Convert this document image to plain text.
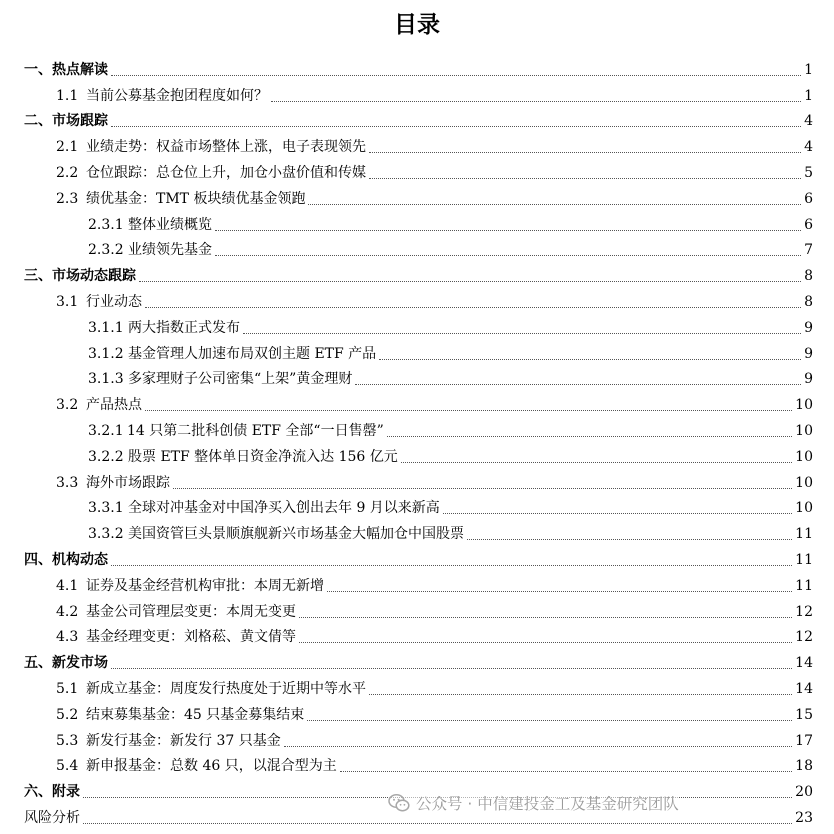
目录
一、 热点解读	1
1.1 当前公募基金抱团程度如何？	1
二、 市场跟踪	4
2.1 业绩走势：权益市场整体上涨，电子表现领先	4
2.2 仓位跟踪：总仓位上升，加仓小盘价值和传媒	5
2.3 绩优基金：TMT 板块绩优基金领跑	6
2.3.1 整体业绩概览	6
2.3.2 业绩领先基金	7
三、 市场动态跟踪	8
3.1 行业动态	8
3.1.1 两大指数正式发布	9
3.1.2 基金管理人加速布局双创主题 ETF 产品	9
3.1.3 多家理财子公司密集“上架”黄金理财	9
3.2 产品热点	10
3.2.1 14 只第二批科创债 ETF 全部“一日售罄”	10
3.2.2 股票 ETF 整体单日资金净流入达 156 亿元	10
3.3 海外市场跟踪	10
3.3.1 全球对冲基金对中国净买入创出去年 9 月以来新高	10
3.3.2 美国资管巨头景顺旗舰新兴市场基金大幅加仓中国股票	11
四、 机构动态	11
4.1 证券及基金经营机构审批：本周无新增	11
4.2 基金公司管理层变更：本周无变更	12
4.3 基金经理变更：刘格菘、黄文倩等	12
五、 新发市场	14
5.1 新成立基金：周度发行热度处于近期中等水平	14
5.2 结束募集基金：45 只基金募集结束	15
5.3 新发行基金：新发行 37 只基金	17
5.4 新申报基金：总数 46 只，以混合型为主	18
六、 附录	20
风险分析	23
公众号 · 中信建投金工及基金研究团队
